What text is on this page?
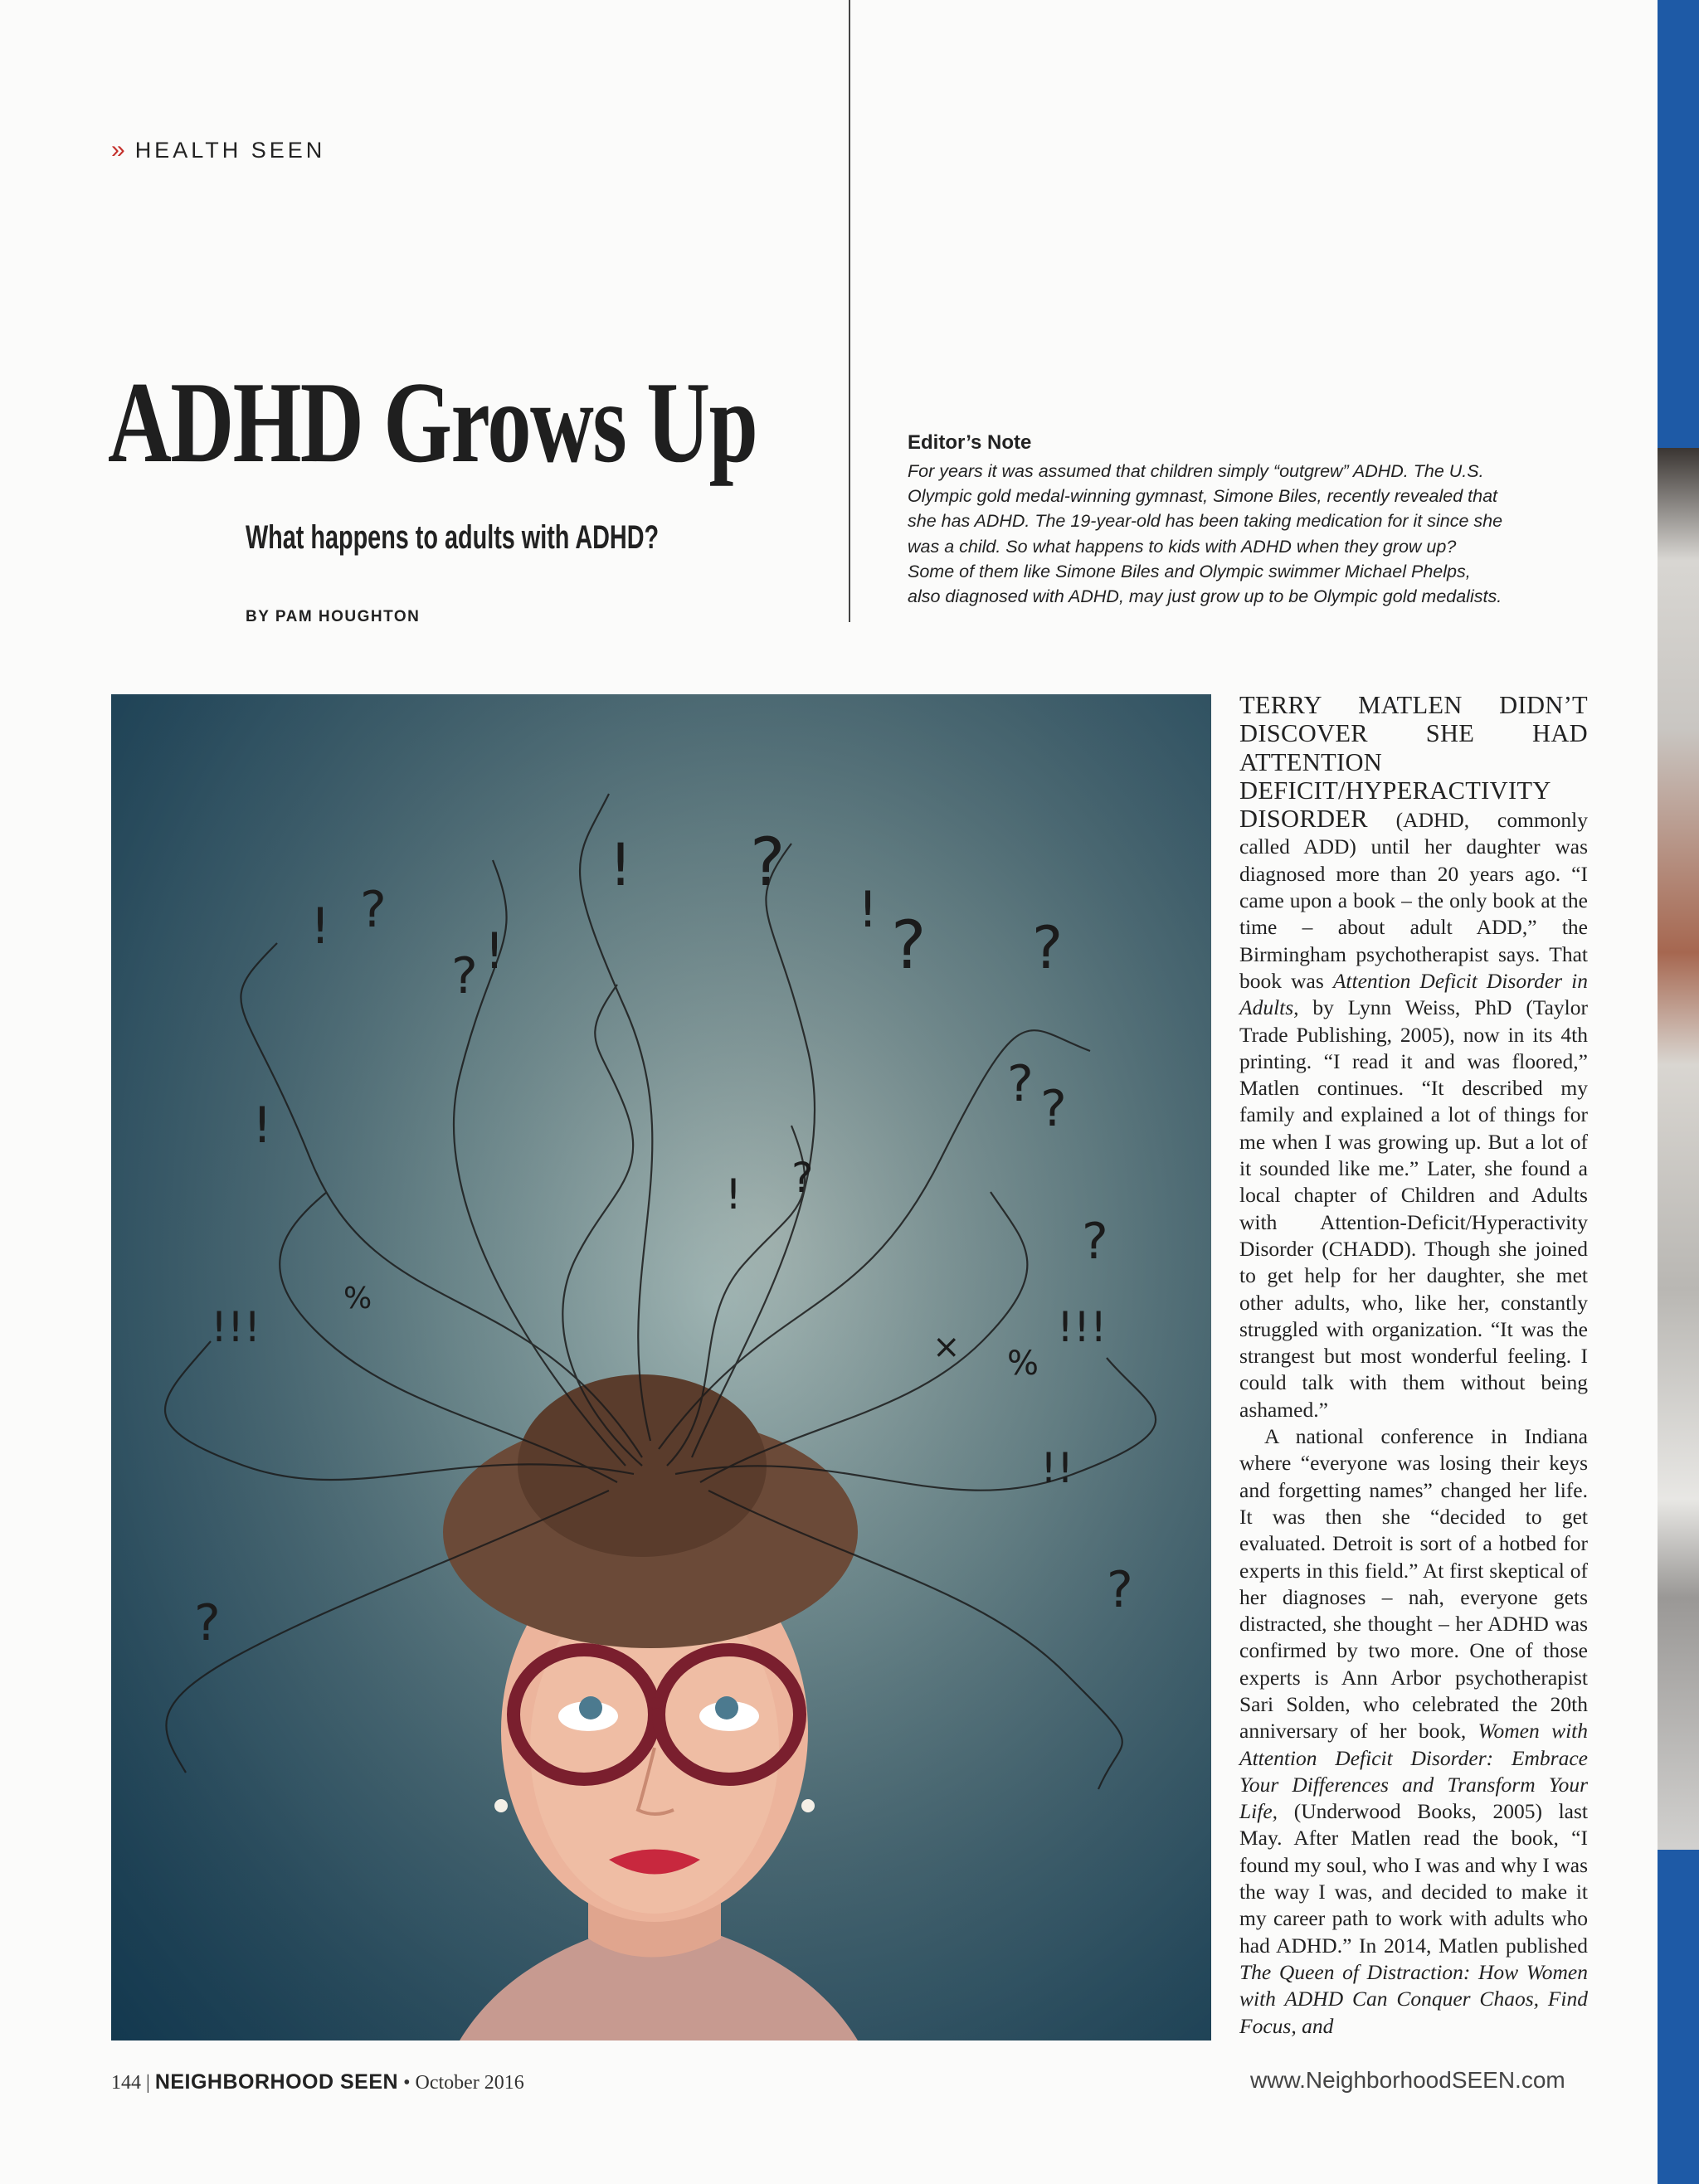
» HEALTH SEEN
ADHD Grows Up
What happens to adults with ADHD?
BY PAM HOUGHTON
Editor’s Note
For years it was assumed that children simply “outgrew” ADHD. The U.S. Olympic gold medal-winning gymnast, Simone Biles, recently revealed that she has ADHD. The 19-year-old has been taking medication for it since she was a child. So what happens to kids with ADHD when they grow up? Some of them like Simone Biles and Olympic swimmer Michael Phelps, also diagnosed with ADHD, may just grow up to be Olympic gold medalists.
!
! ?
? ?
?
?
?
!
! ?
?
?
?
!!!	!!!
!!
× %
%
!
! ?

TERRY MATLEN DIDN’T DISCOVER SHE HAD ATTENTION DEFICIT/HYPERACTIVITY DISORDER (ADHD, commonly called ADD) until her daughter was diagnosed more than 20 years ago. “I came upon a book – the only book at the time – about adult ADD,” the Birmingham psychotherapist says. That book was Attention Deficit Disorder in Adults, by Lynn Weiss, PhD (Taylor Trade Publishing, 2005), now in its 4th printing. “I read it and was floored,” Matlen continues. “It described my family and explained a lot of things for me when I was growing up. But a lot of it sounded like me.” Later, she found a local chapter of Children and Adults with Attention-Deficit/Hyperactivity Disorder (CHADD). Though she joined to get help for her daughter, she met other adults, who, like her, constantly struggled with organization. “It was the strangest but most wonderful feeling. I could talk with them without being ashamed.”

A national conference in Indiana where “everyone was losing their keys and forgetting names” changed her life. It was then she “decided to get evaluated. Detroit is sort of a hotbed for experts in this field.” At first skeptical of her diagnoses – nah, everyone gets distracted, she thought – her ADHD was confirmed by two more. One of those experts is Ann Arbor psychotherapist Sari Solden, who celebrated the 20th anniversary of her book, Women with Attention Deficit Disorder: Embrace Your Differences and Transform Your Life, (Underwood Books, 2005) last May. After Matlen read the book, “I found my soul, who I was and why I was the way I was, and decided to make it my career path to work with adults who had ADHD.” In 2014, Matlen published The Queen of Distraction: How Women with ADHD Can Conquer Chaos, Find Focus, and

144 | NEIGHBORHOOD SEEN • October 2016	www.NeighborhoodSEEN.com
